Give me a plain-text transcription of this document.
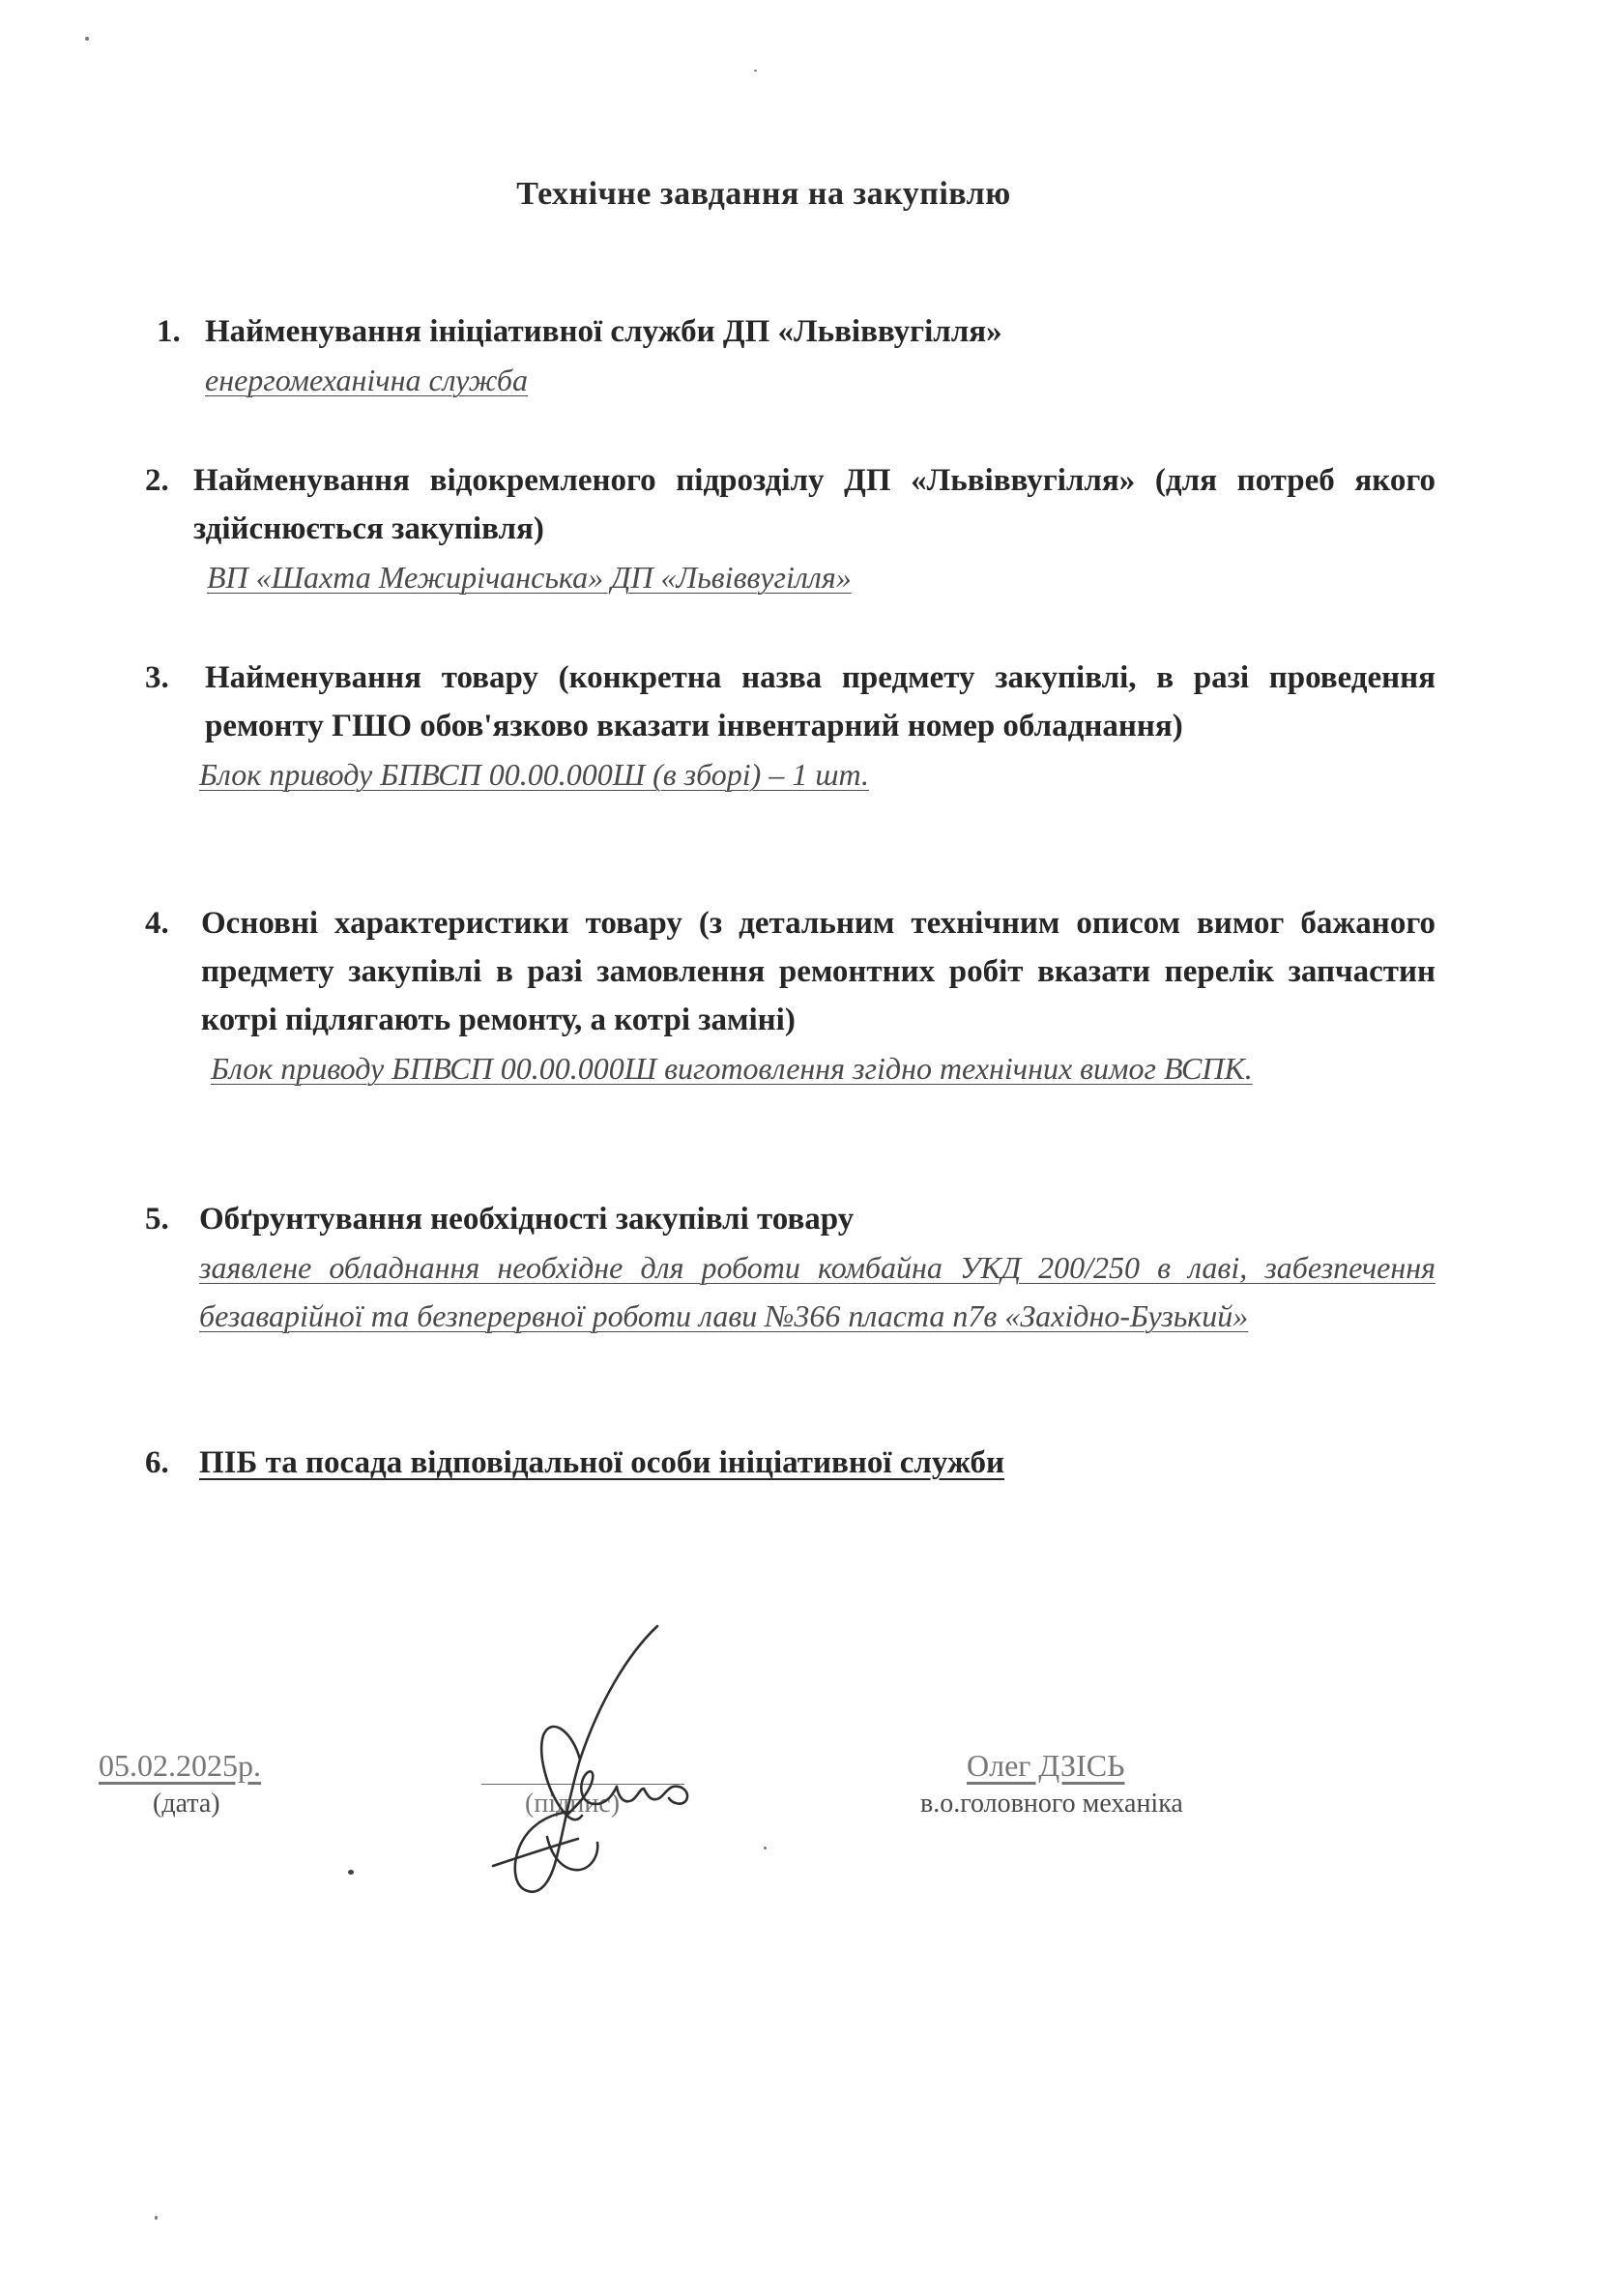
Технічне завдання на закупівлю
1. Найменування ініціативної служби ДП «Львіввугілля»
енергомеханічна служба
2. Найменування відокремленого підрозділу ДП «Львіввугілля» (для потреб якого здійснюється закупівля)
ВП «Шахта Межирічанська» ДП «Львіввугілля»
3.	Найменування товару (конкретна назва предмету закупівлі, в разі проведення ремонту ГШО обов'язково вказати інвентарний номер обладнання)
Блок приводу БПВСП 00.00.000Ш (в зборі) – 1 шт.
4.	Основні характеристики товару (з детальним технічним описом вимог бажаного предмету закупівлі в разі замовлення ремонтних робіт вказати перелік запчастин котрі підлягають ремонту, а котрі заміні)
Блок приводу БПВСП 00.00.000Ш виготовлення згідно технічних вимог ВСПК.
5. Обґрунтування необхідності закупівлі товару
заявлене обладнання необхідне для роботи комбайна УКД 200/250 в лаві, забезпечення безаварійної та безперервної роботи лави №366 пласта n7в «Західно-Бузький»
6. ПІБ та посада відповідальної особи ініціативної служби
05.02.2025р.
(дата)	(підпис)
Олег ДЗІСЬ
в.о.головного механіка
